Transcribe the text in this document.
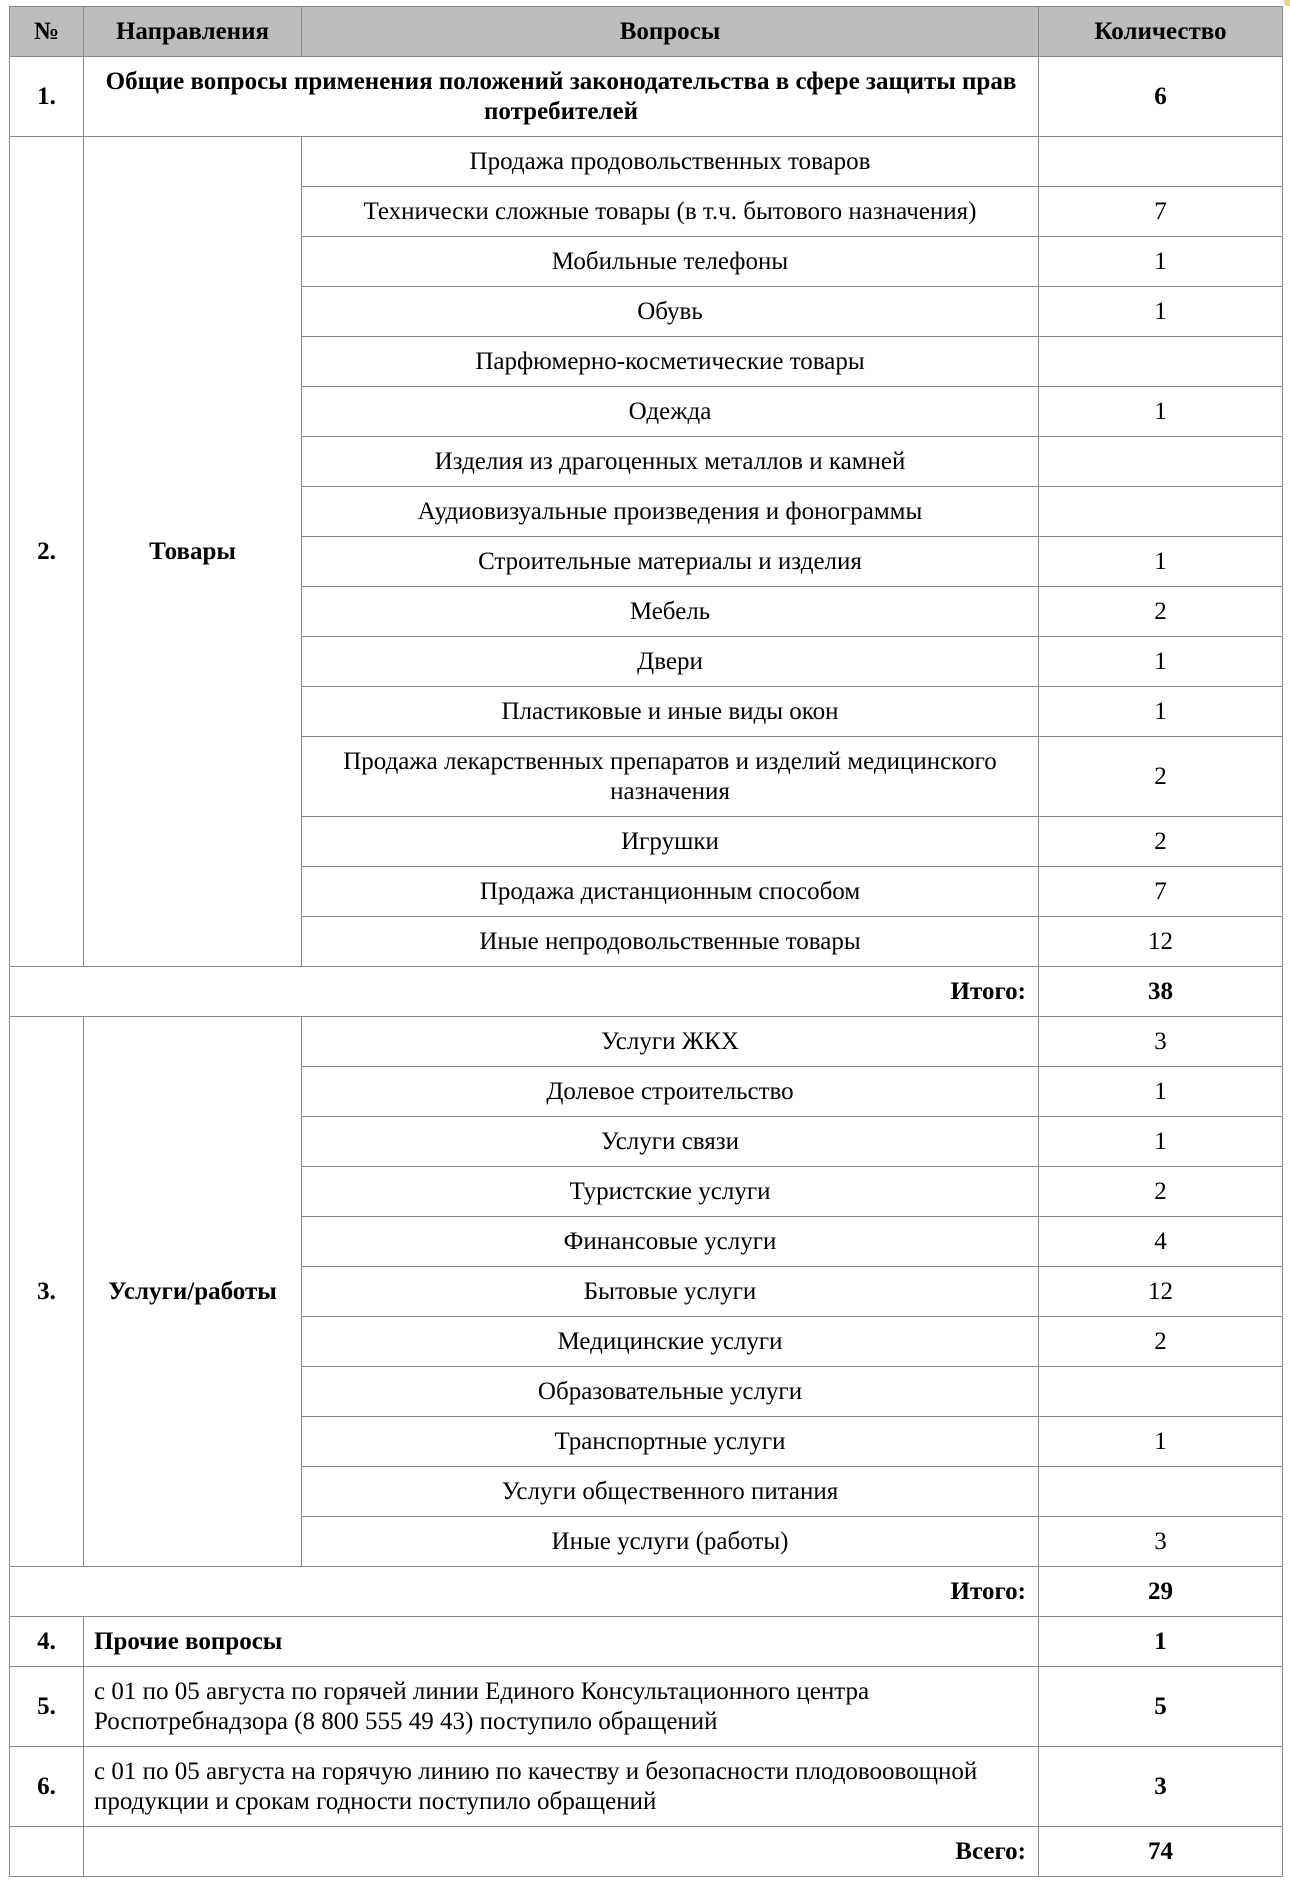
№	Направления	Вопросы	Количество
1.	Общие вопросы применения положений законодательства в сфере защиты прав потребителей		6
2.	Товары	Продажа продовольственных товаров	
		Технически сложные товары (в т.ч. бытового назначения)	7
		Мобильные телефоны	1
		Обувь	1
		Парфюмерно-косметические товары	
		Одежда	1
		Изделия из драгоценных металлов и камней	
		Аудиовизуальные произведения и фонограммы	
		Строительные материалы и изделия	1
		Мебель	2
		Двери	1
		Пластиковые и иные виды окон	1
		Продажа лекарственных препаратов и изделий медицинского назначения	2
		Игрушки	2
		Продажа дистанционным способом	7
		Иные непродовольственные товары	12
Итого:			38
3.	Услуги/работы	Услуги ЖКХ	3
		Долевое строительство	1
		Услуги связи	1
		Туристские услуги	2
		Финансовые услуги	4
		Бытовые услуги	12
		Медицинские услуги	2
		Образовательные услуги	
		Транспортные услуги	1
		Услуги общественного питания	
		Иные услуги (работы)	3
Итого:			29
4.	Прочие вопросы		1
5.	с 01 по 05 августа по горячей линии Единого Консультационного центра Роспотребнадзора (8 800 555 49 43) поступило обращений		5
6.	с 01 по 05 августа на горячую линию по качеству и безопасности плодовоовощной продукции и срокам годности поступило обращений		3
	Всего:		74
